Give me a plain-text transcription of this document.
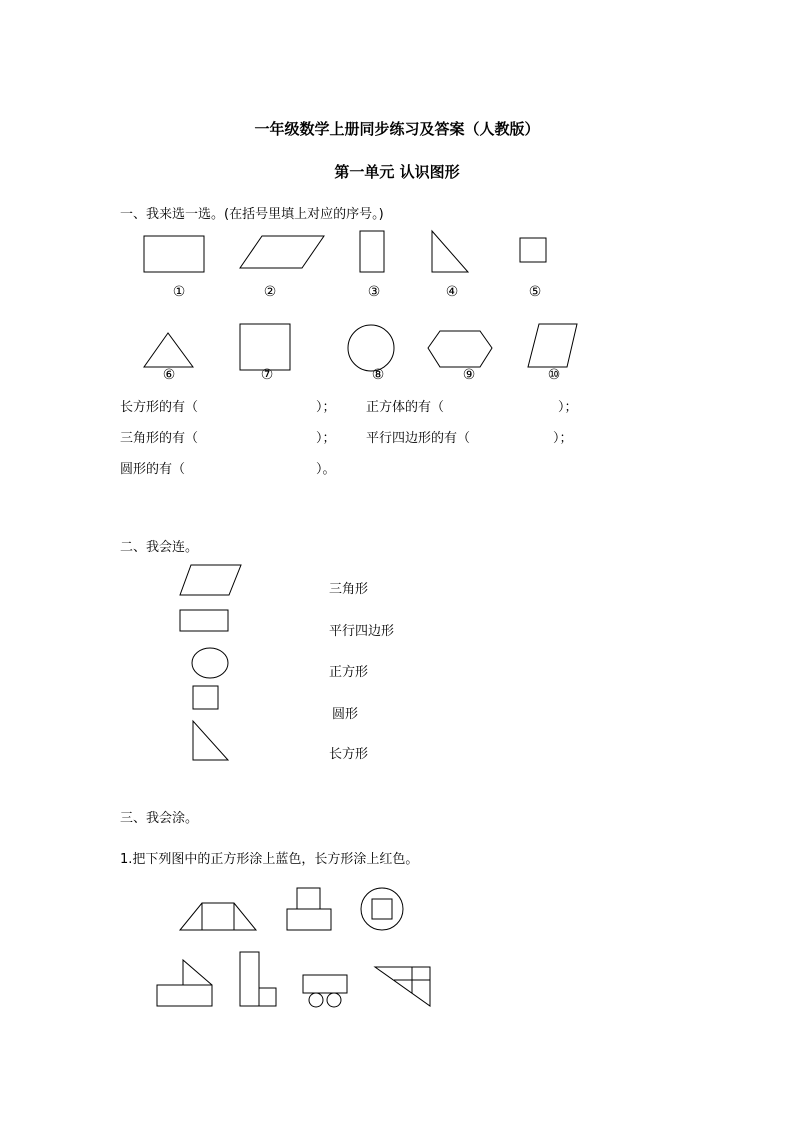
一年级数学上册同步练习及答案（人教版）
第一单元 认识图形
一、我来选一选。(在括号里填上对应的序号。)
①	②	③	④	⑤
⑥	⑦	⑧	⑨	⑩
长方形的有（	）； 正方体的有（	）；
三角形的有（	）； 平行四边形的有（	）；
圆形的有（	）。
二、我会连。
三角形
平行四边形
正方形
圆形
长方形
三、我会涂。
1.把下列图中的正方形涂上蓝色，长方形涂上红色。
